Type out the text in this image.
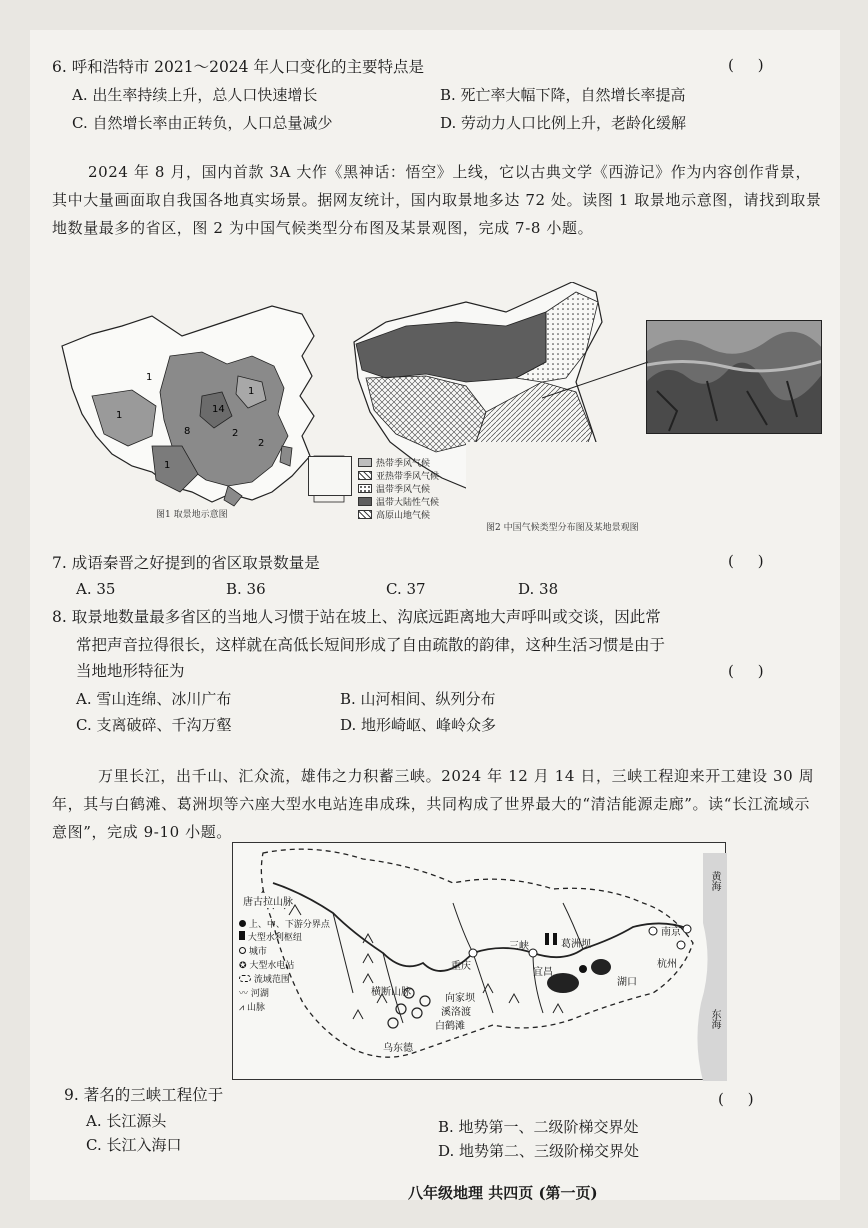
6. 呼和浩特市 2021～2024 年人口变化的主要特点是	(     )
A. 出生率持续上升，总人口快速增长	B. 死亡率大幅下降，自然增长率提高
C. 自然增长率由正转负，人口总量减少	D. 劳动力人口比例上升，老龄化缓解
2024 年 8 月，国内首款 3A 大作《黑神话：悟空》上线，它以古典文学《西游记》作为内容创作背景，其中大量画面取自我国各地真实场景。据网友统计，国内取景地多达 72 处。读图 1 取景地示意图，请找到取景地数量最多的省区，图 2 为中国气候类型分布图及某景观图，完成 7-8 小题。
1
1
8
14
1
2
1
2
图1 取景地示意图
热带季风气候
亚热带季风气候
温带季风气候
温带大陆性气候
高原山地气候
图2 中国气候类型分布图及某地景观图
7. 成语秦晋之好提到的省区取景数量是	(     )
A. 35	B. 36	C. 37	D. 38
8. 取景地数量最多省区的当地人习惯于站在坡上、沟底远距离地大声呼叫或交谈，因此常
常把声音拉得很长，这样就在高低长短间形成了自由疏散的韵律，这种生活习惯是由于
当地地形特征为	(     )
A. 雪山连绵、冰川广布	B. 山河相间、纵列分布
C. 支离破碎、千沟万壑	D. 地形崎岖、峰岭众多
万里长江，出千山、汇众流，雄伟之力积蓄三峡。2024 年 12 月 14 日，三峡工程迎来开工建设 30 周年，其与白鹤滩、葛洲坝等六座大型水电站连串成珠，共同构成了世界最大的“清洁能源走廊”。读“长江流域示意图”，完成 9-10 小题。
上、中、下游分界点
大型水利枢纽
城市
✪ 大型水电站
流域范围
〰 河湖
⩘ 山脉
唐古拉山脉
横断山脉
重庆
三峡	葛洲坝
宜昌
湖口
南京
杭州
向家坝
溪洛渡
白鹤滩
乌东德
东海
黄海
9. 著名的三峡工程位于	(     )
A. 长江源头	B. 地势第一、二级阶梯交界处
C. 长江入海口	D. 地势第二、三级阶梯交界处
八年级地理 共四页 (第一页)
